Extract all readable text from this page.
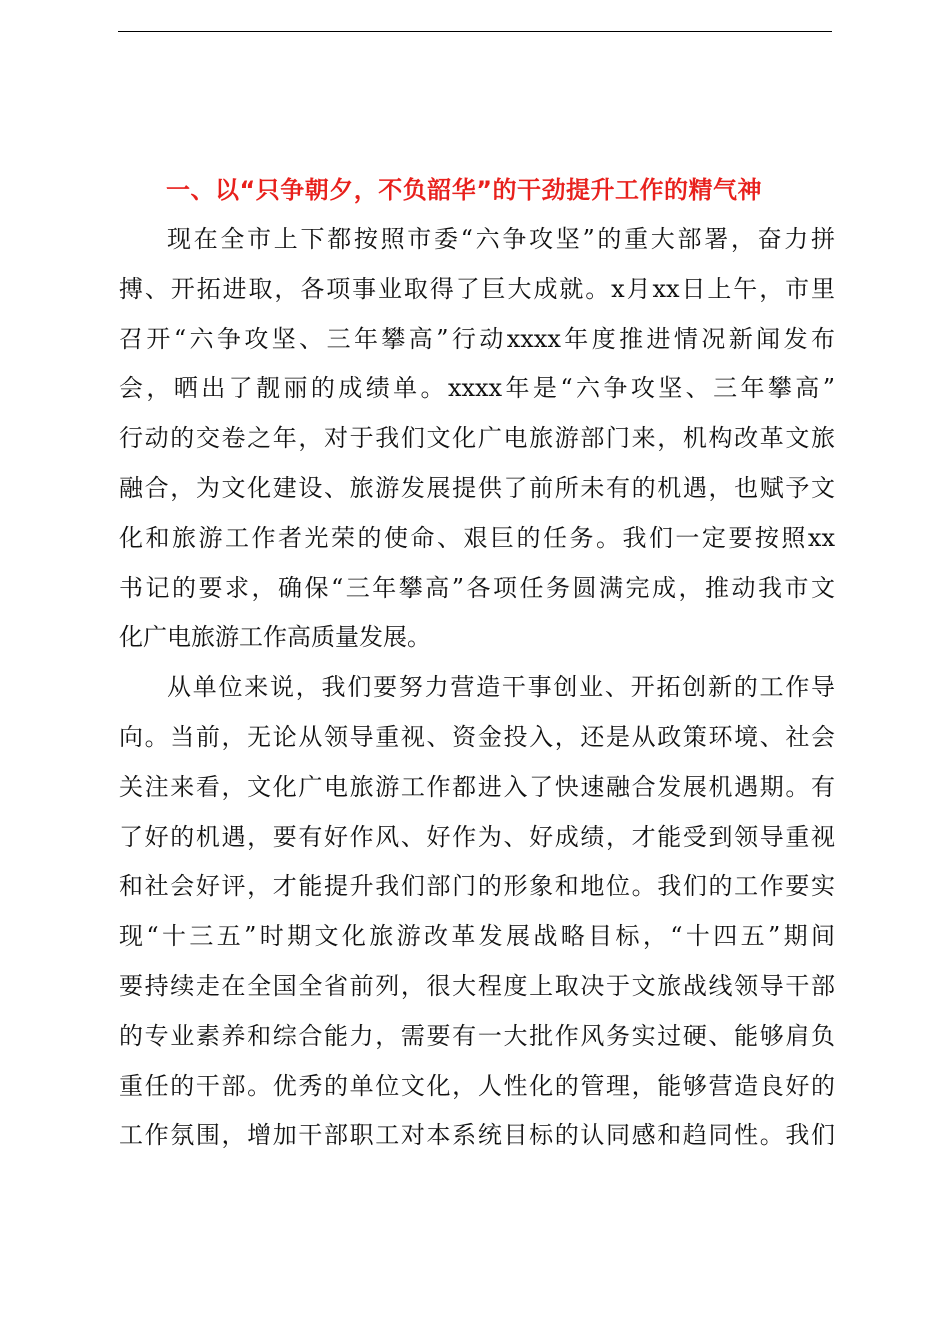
一、以“只争朝夕，不负韶华”的干劲提升工作的精气神
现在全市上下都按照市委“六争攻坚”的重大部署，奋力拼
搏、开拓进取，各项事业取得了巨大成就。x月xx日上午，市里
召开“六争攻坚、三年攀高”行动xxxx年度推进情况新闻发布
会，晒出了靓丽的成绩单。xxxx年是“六争攻坚、三年攀高”
行动的交卷之年，对于我们文化广电旅游部门来，机构改革文旅
融合，为文化建设、旅游发展提供了前所未有的机遇，也赋予文
化和旅游工作者光荣的使命、艰巨的任务。我们一定要按照xx
书记的要求，确保“三年攀高”各项任务圆满完成，推动我市文
化广电旅游工作高质量发展。
从单位来说，我们要努力营造干事创业、开拓创新的工作导
向。当前，无论从领导重视、资金投入，还是从政策环境、社会
关注来看，文化广电旅游工作都进入了快速融合发展机遇期。有
了好的机遇，要有好作风、好作为、好成绩，才能受到领导重视
和社会好评，才能提升我们部门的形象和地位。我们的工作要实
现“十三五”时期文化旅游改革发展战略目标，“十四五”期间
要持续走在全国全省前列，很大程度上取决于文旅战线领导干部
的专业素养和综合能力，需要有一大批作风务实过硬、能够肩负
重任的干部。优秀的单位文化，人性化的管理，能够营造良好的
工作氛围，增加干部职工对本系统目标的认同感和趋同性。我们
